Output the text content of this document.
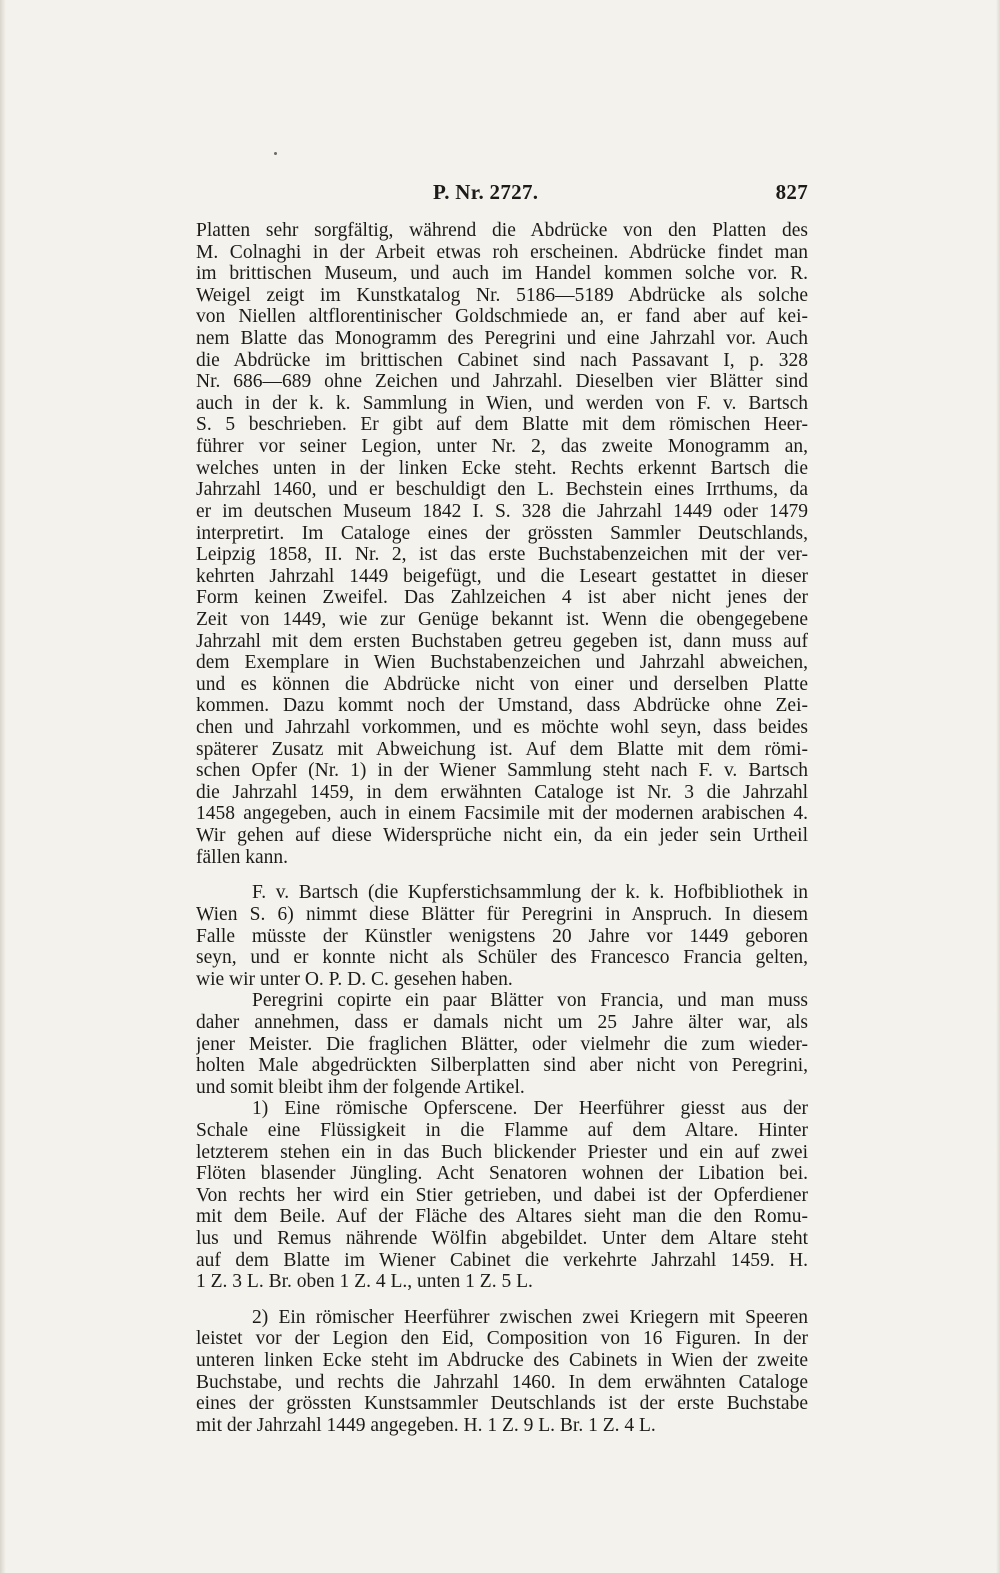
P. Nr. 2727.	827
Platten sehr sorgfältig, während die Abdrücke von den Platten des
M. Colnaghi in der Arbeit etwas roh erscheinen. Abdrücke findet man
im brittischen Museum, und auch im Handel kommen solche vor. R.
Weigel zeigt im Kunstkatalog Nr. 5186—5189 Abdrücke als solche
von Niellen altflorentinischer Goldschmiede an, er fand aber auf kei-
nem Blatte das Monogramm des Peregrini und eine Jahrzahl vor. Auch
die Abdrücke im brittischen Cabinet sind nach Passavant I, p. 328
Nr. 686—689 ohne Zeichen und Jahrzahl. Dieselben vier Blätter sind
auch in der k. k. Sammlung in Wien, und werden von F. v. Bartsch
S. 5 beschrieben. Er gibt auf dem Blatte mit dem römischen Heer-
führer vor seiner Legion, unter Nr. 2, das zweite Monogramm an,
welches unten in der linken Ecke steht. Rechts erkennt Bartsch die
Jahrzahl 1460, und er beschuldigt den L. Bechstein eines Irrthums, da
er im deutschen Museum 1842 I. S. 328 die Jahrzahl 1449 oder 1479
interpretirt. Im Cataloge eines der grössten Sammler Deutschlands,
Leipzig 1858, II. Nr. 2, ist das erste Buchstabenzeichen mit der ver-
kehrten Jahrzahl 1449 beigefügt, und die Leseart gestattet in dieser
Form keinen Zweifel. Das Zahlzeichen 4 ist aber nicht jenes der
Zeit von 1449, wie zur Genüge bekannt ist. Wenn die obengegebene
Jahrzahl mit dem ersten Buchstaben getreu gegeben ist, dann muss auf
dem Exemplare in Wien Buchstabenzeichen und Jahrzahl abweichen,
und es können die Abdrücke nicht von einer und derselben Platte
kommen. Dazu kommt noch der Umstand, dass Abdrücke ohne Zei-
chen und Jahrzahl vorkommen, und es möchte wohl seyn, dass beides
späterer Zusatz mit Abweichung ist. Auf dem Blatte mit dem römi-
schen Opfer (Nr. 1) in der Wiener Sammlung steht nach F. v. Bartsch
die Jahrzahl 1459, in dem erwähnten Cataloge ist Nr. 3 die Jahrzahl
1458 angegeben, auch in einem Facsimile mit der modernen arabischen 4.
Wir gehen auf diese Widersprüche nicht ein, da ein jeder sein Urtheil
fällen kann.
F. v. Bartsch (die Kupferstichsammlung der k. k. Hofbibliothek in
Wien S. 6) nimmt diese Blätter für Peregrini in Anspruch. In diesem
Falle müsste der Künstler wenigstens 20 Jahre vor 1449 geboren
seyn, und er konnte nicht als Schüler des Francesco Francia gelten,
wie wir unter O. P. D. C. gesehen haben.
Peregrini copirte ein paar Blätter von Francia, und man muss
daher annehmen, dass er damals nicht um 25 Jahre älter war, als
jener Meister. Die fraglichen Blätter, oder vielmehr die zum wieder-
holten Male abgedrückten Silberplatten sind aber nicht von Peregrini,
und somit bleibt ihm der folgende Artikel.
1) Eine römische Opferscene. Der Heerführer giesst aus der
Schale eine Flüssigkeit in die Flamme auf dem Altare. Hinter
letzterem stehen ein in das Buch blickender Priester und ein auf zwei
Flöten blasender Jüngling. Acht Senatoren wohnen der Libation bei.
Von rechts her wird ein Stier getrieben, und dabei ist der Opferdiener
mit dem Beile. Auf der Fläche des Altares sieht man die den Romu-
lus und Remus nährende Wölfin abgebildet. Unter dem Altare steht
auf dem Blatte im Wiener Cabinet die verkehrte Jahrzahl 1459. H.
1 Z. 3 L. Br. oben 1 Z. 4 L., unten 1 Z. 5 L.
2) Ein römischer Heerführer zwischen zwei Kriegern mit Speeren
leistet vor der Legion den Eid, Composition von 16 Figuren. In der
unteren linken Ecke steht im Abdrucke des Cabinets in Wien der zweite
Buchstabe, und rechts die Jahrzahl 1460. In dem erwähnten Cataloge
eines der grössten Kunstsammler Deutschlands ist der erste Buchstabe
mit der Jahrzahl 1449 angegeben. H. 1 Z. 9 L. Br. 1 Z. 4 L.
